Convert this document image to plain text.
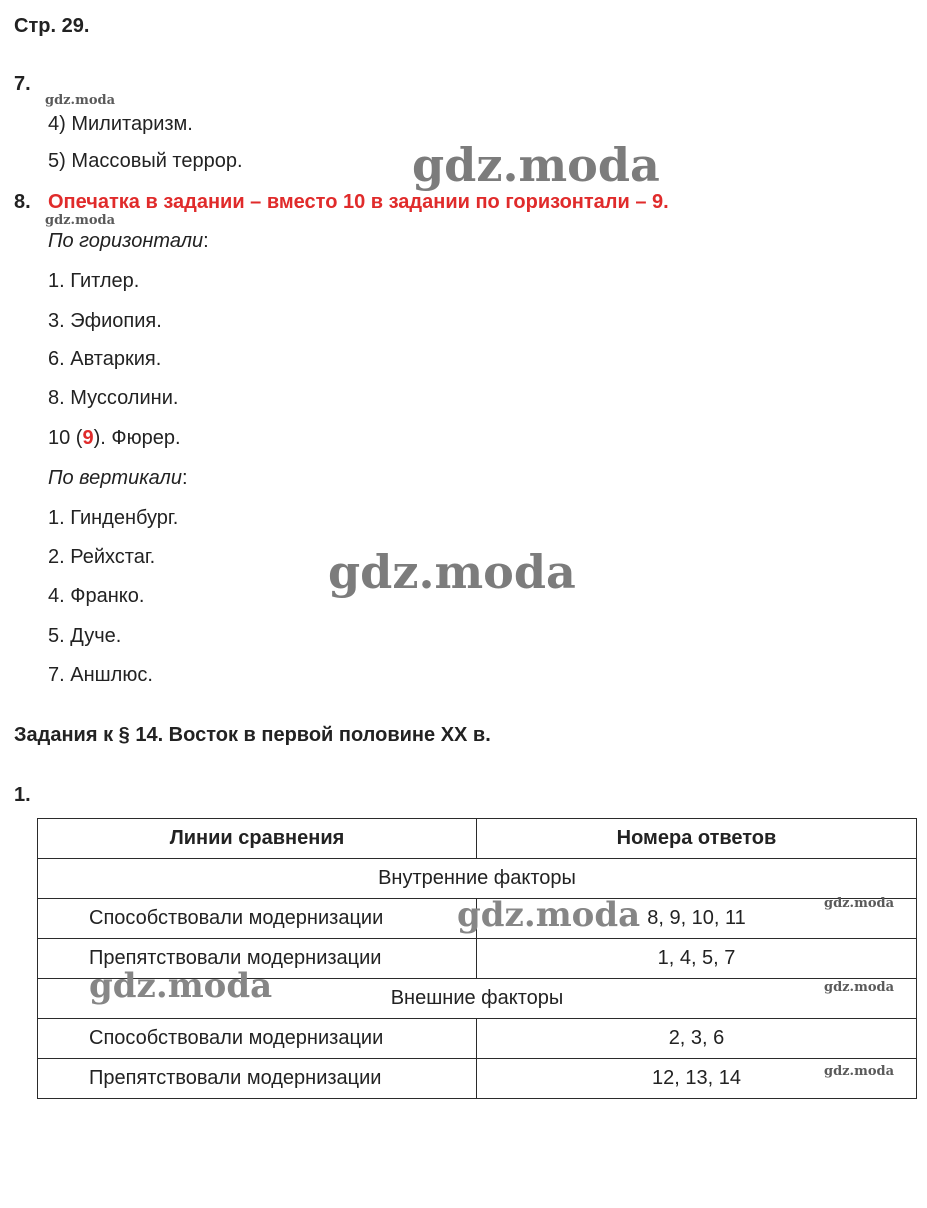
Стр. 29.
7.
4) Милитаризм.
5) Массовый террор.
8. Опечатка в задании – вместо 10 в задании по горизонтали – 9.
По горизонтали:
1. Гитлер.
3. Эфиопия.
6. Автаркия.
8. Муссолини.
10 (9). Фюрер.
По вертикали:
1. Гинденбург.
2. Рейхстаг.
4. Франко.
5. Дуче.
7. Аншлюс.
Задания к § 14. Восток в первой половине XX в.
1.
Линии сравнения	Номера ответов
Внутренние факторы	
Способствовали модернизации	8, 9, 10, 11
Препятствовали модернизации	1, 4, 5, 7
Внешние факторы	
Способствовали модернизации	2, 3, 6
Препятствовали модернизации	12, 13, 14
gdz.moda
gdz.moda
gdz.moda
gdz.moda
gdz.moda	gdz.moda
gdz.moda	gdz.moda
gdz.moda
